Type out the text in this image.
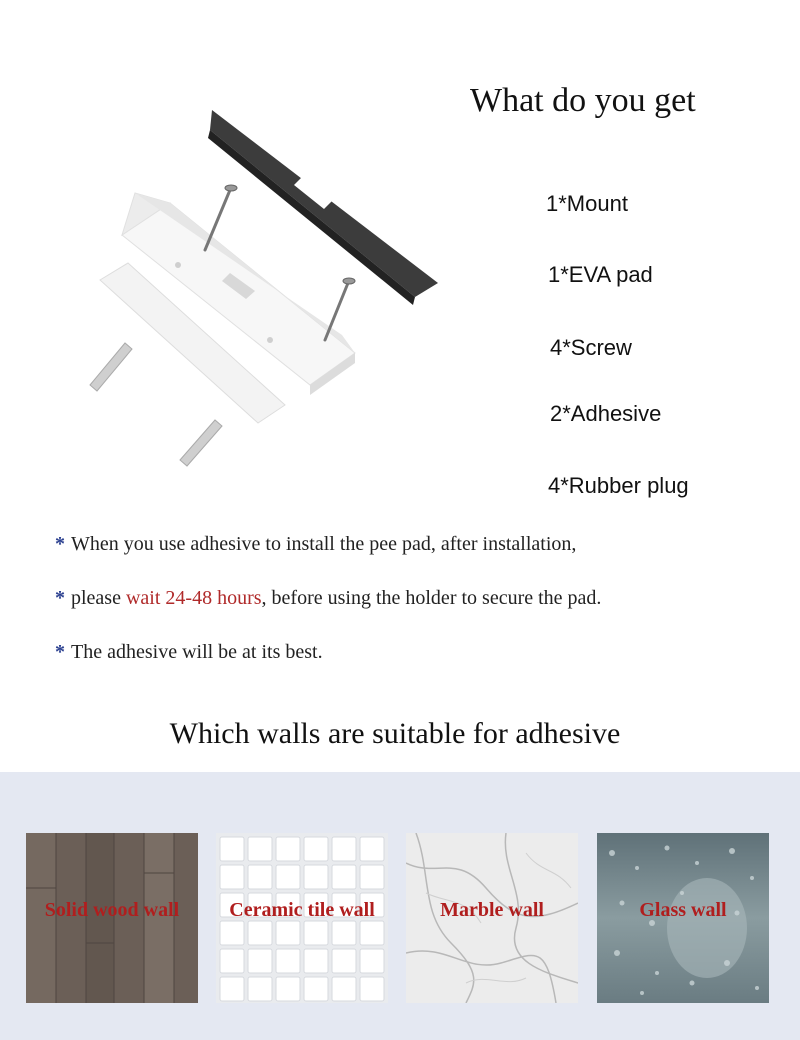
What do you get
1*Mount
1*EVA pad
4*Screw
2*Adhesive
4*Rubber plug
* When you use adhesive to install the pee pad, after installation,
* please wait 24-48 hours, before using the holder to secure the pad.
* The adhesive will be at its best.
Which walls are suitable for adhesive
Solid wood wall	Ceramic tile wall	Marble wall	Glass wall
